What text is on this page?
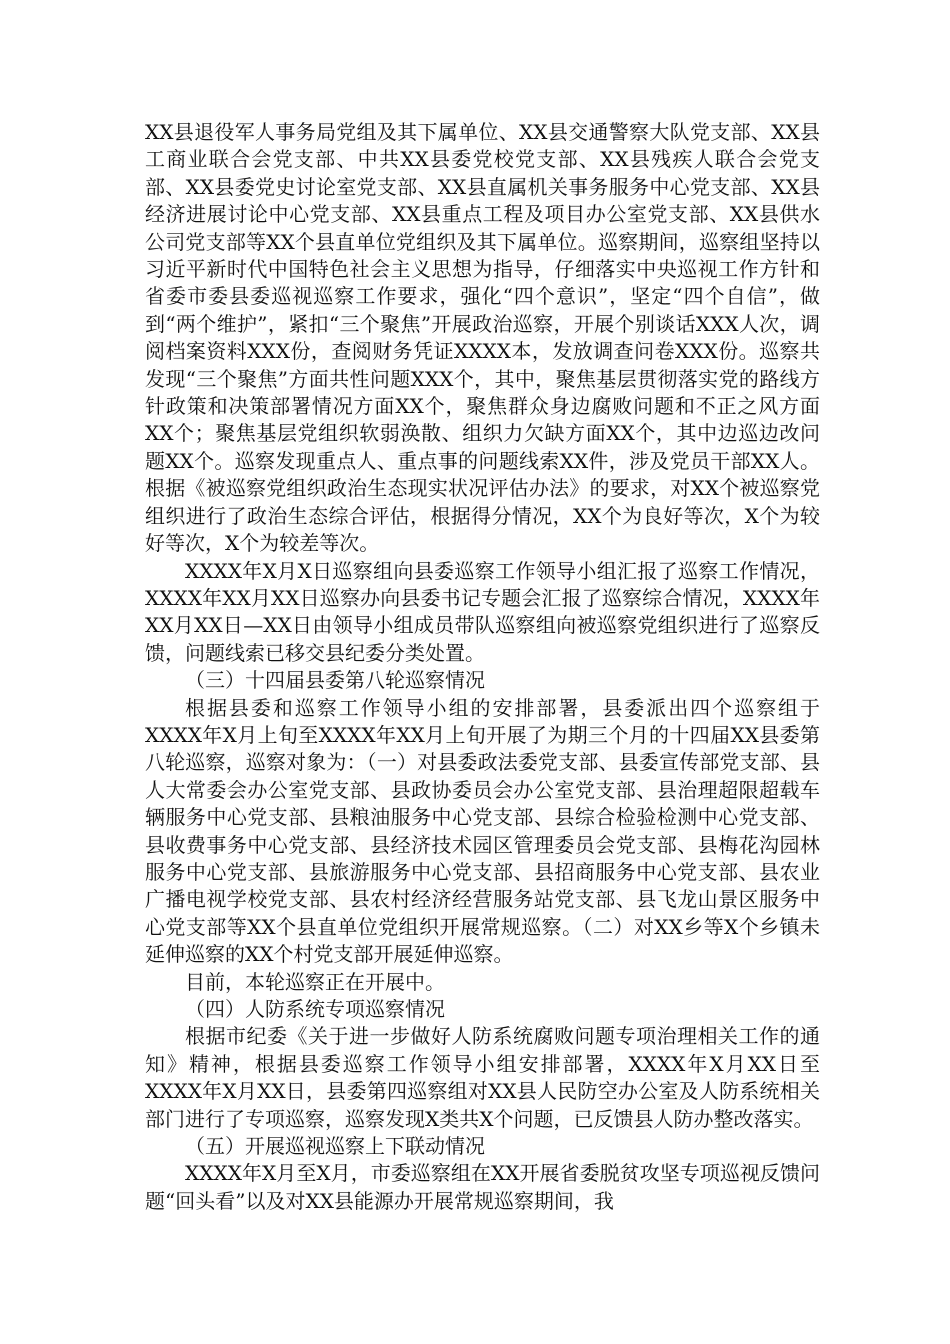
XX县退役军人事务局党组及其下属单位、XX县交通警察大队党支部、XX县工商业联合会党支部、中共XX县委党校党支部、XX县残疾人联合会党支部、XX县委党史讨论室党支部、XX县直属机关事务服务中心党支部、XX县经济进展讨论中心党支部、XX县重点工程及项目办公室党支部、XX县供水公司党支部等XX个县直单位党组织及其下属单位。巡察期间，巡察组坚持以习近平新时代中国特色社会主义思想为指导，仔细落实中央巡视工作方针和省委市委县委巡视巡察工作要求，强化“四个意识”，坚定“四个自信”，做到“两个维护”，紧扣“三个聚焦”开展政治巡察，开展个别谈话XXX人次，调阅档案资料XXX份，查阅财务凭证XXXX本，发放调查问卷XXX份。巡察共发现“三个聚焦”方面共性问题XXX个，其中，聚焦基层贯彻落实党的路线方针政策和决策部署情况方面XX个，聚焦群众身边腐败问题和不正之风方面XX个；聚焦基层党组织软弱涣散、组织力欠缺方面XX个，其中边巡边改问题XX个。巡察发现重点人、重点事的问题线索XX件，涉及党员干部XX人。根据《被巡察党组织政治生态现实状况评估办法》的要求，对XX个被巡察党组织进行了政治生态综合评估，根据得分情况，XX个为良好等次，X个为较好等次，X个为较差等次。

XXXX年X月X日巡察组向县委巡察工作领导小组汇报了巡察工作情况，XXXX年XX月XX日巡察办向县委书记专题会汇报了巡察综合情况，XXXX年XX月XX日—XX日由领导小组成员带队巡察组向被巡察党组织进行了巡察反馈，问题线索已移交县纪委分类处置。

（三）十四届县委第八轮巡察情况

根据县委和巡察工作领导小组的安排部署，县委派出四个巡察组于XXXX年X月上旬至XXXX年XX月上旬开展了为期三个月的十四届XX县委第八轮巡察，巡察对象为：（一）对县委政法委党支部、县委宣传部党支部、县人大常委会办公室党支部、县政协委员会办公室党支部、县治理超限超载车辆服务中心党支部、县粮油服务中心党支部、县综合检验检测中心党支部、县收费事务中心党支部、县经济技术园区管理委员会党支部、县梅花沟园林服务中心党支部、县旅游服务中心党支部、县招商服务中心党支部、县农业广播电视学校党支部、县农村经济经营服务站党支部、县飞龙山景区服务中心党支部等XX个县直单位党组织开展常规巡察。（二）对XX乡等X个乡镇未延伸巡察的XX个村党支部开展延伸巡察。

目前，本轮巡察正在开展中。

（四）人防系统专项巡察情况

根据市纪委《关于进一步做好人防系统腐败问题专项治理相关工作的通知》精神，根据县委巡察工作领导小组安排部署，XXXX年X月XX日至XXXX年X月XX日，县委第四巡察组对XX县人民防空办公室及人防系统相关部门进行了专项巡察，巡察发现X类共X个问题，已反馈县人防办整改落实。

（五）开展巡视巡察上下联动情况

XXXX年X月至X月，市委巡察组在XX开展省委脱贫攻坚专项巡视反馈问题“回头看”以及对XX县能源办开展常规巡察期间，我
